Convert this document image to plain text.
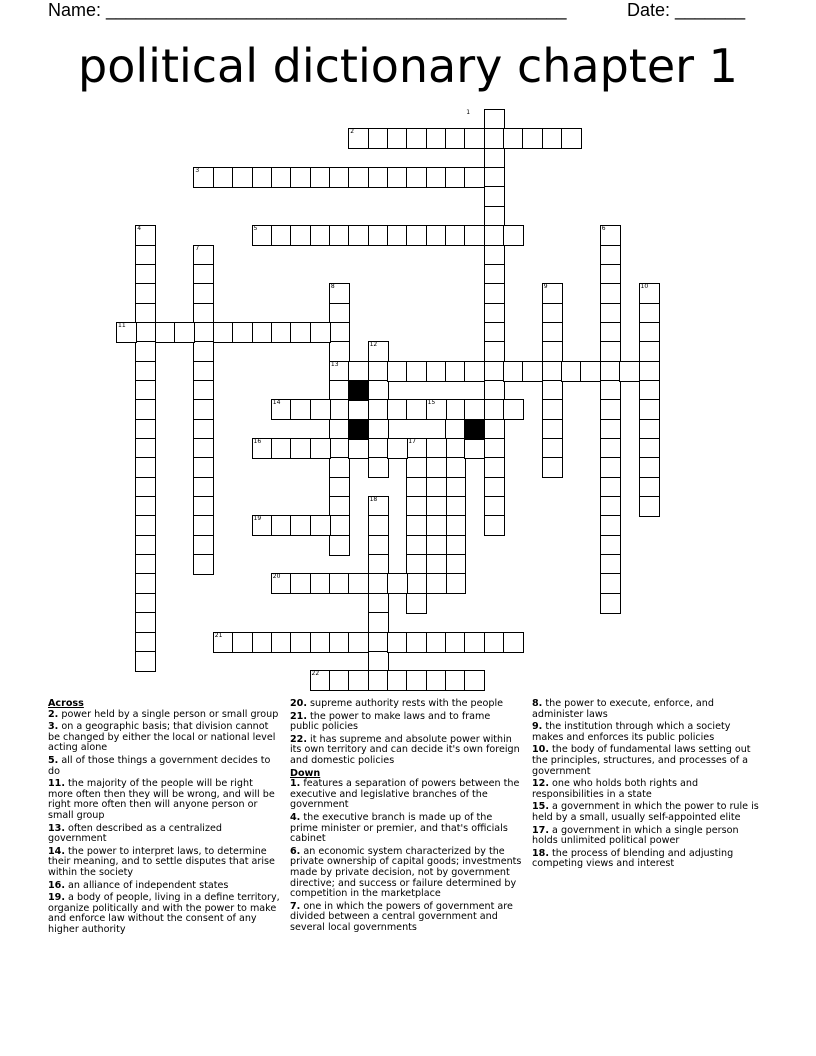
Name: ______________________________________________	Date: _______
political dictionary chapter 1
1
2
3
4	5	6
7
8	9	10
11
12
13
14	15
16	17
18
19
20
21
22
Across
2. power held by a single person or small group
3. on a geographic basis; that division cannot be changed by either the local or national level acting alone
5. all of those things a government decides to do
11. the majority of the people will be right more often then they will be wrong, and will be right more often then will anyone person or small group
13. often described as a centralized government
14. the power to interpret laws, to determine their meaning, and to settle disputes that arise within the society
16. an alliance of independent states
19. a body of people, living in a define territory, organize politically and with the power to make and enforce law without the consent of any higher authority
20. supreme authority rests with the people
21. the power to make laws and to frame public policies
22. it has supreme and absolute power within its own territory and can decide it's own foreign and domestic policies
Down
1. features a separation of powers between the executive and legislative branches of the government
4. the executive branch is made up of the prime minister or premier, and that's officials cabinet
6. an economic system characterized by the private ownership of capital goods; investments made by private decision, not by government directive; and success or failure determined by competition in the marketplace
7. one in which the powers of government are divided between a central government and several local governments
8. the power to execute, enforce, and administer laws
9. the institution through which a society makes and enforces its public policies
10. the body of fundamental laws setting out the principles, structures, and processes of a government
12. one who holds both rights and responsibilities in a state
15. a government in which the power to rule is held by a small, usually self-appointed elite
17. a government in which a single person holds unlimited political power
18. the process of blending and adjusting competing views and interest
